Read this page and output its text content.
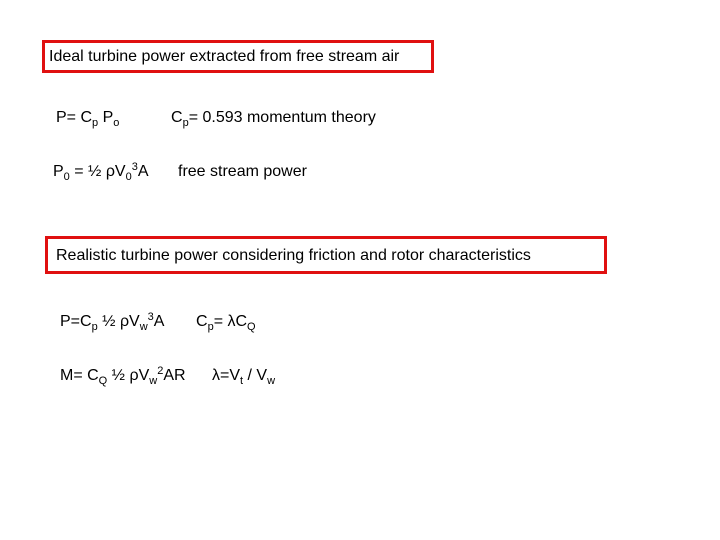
Ideal turbine power extracted from free stream air
$P= C_p$ $P_o$	$C_p= 0.593$ momentum theory
$P_0$ = ½ $\rho V_0^3A$ free stream power
Realistic turbine power considering friction and rotor characteristics
$P=C_p$ ½ $\rho V_w^3A$ $C_p= \lambda C_Q$
$M= C_Q$ ½ $\rho V_w^2AR$ $\lambda=V_t / V_w$
